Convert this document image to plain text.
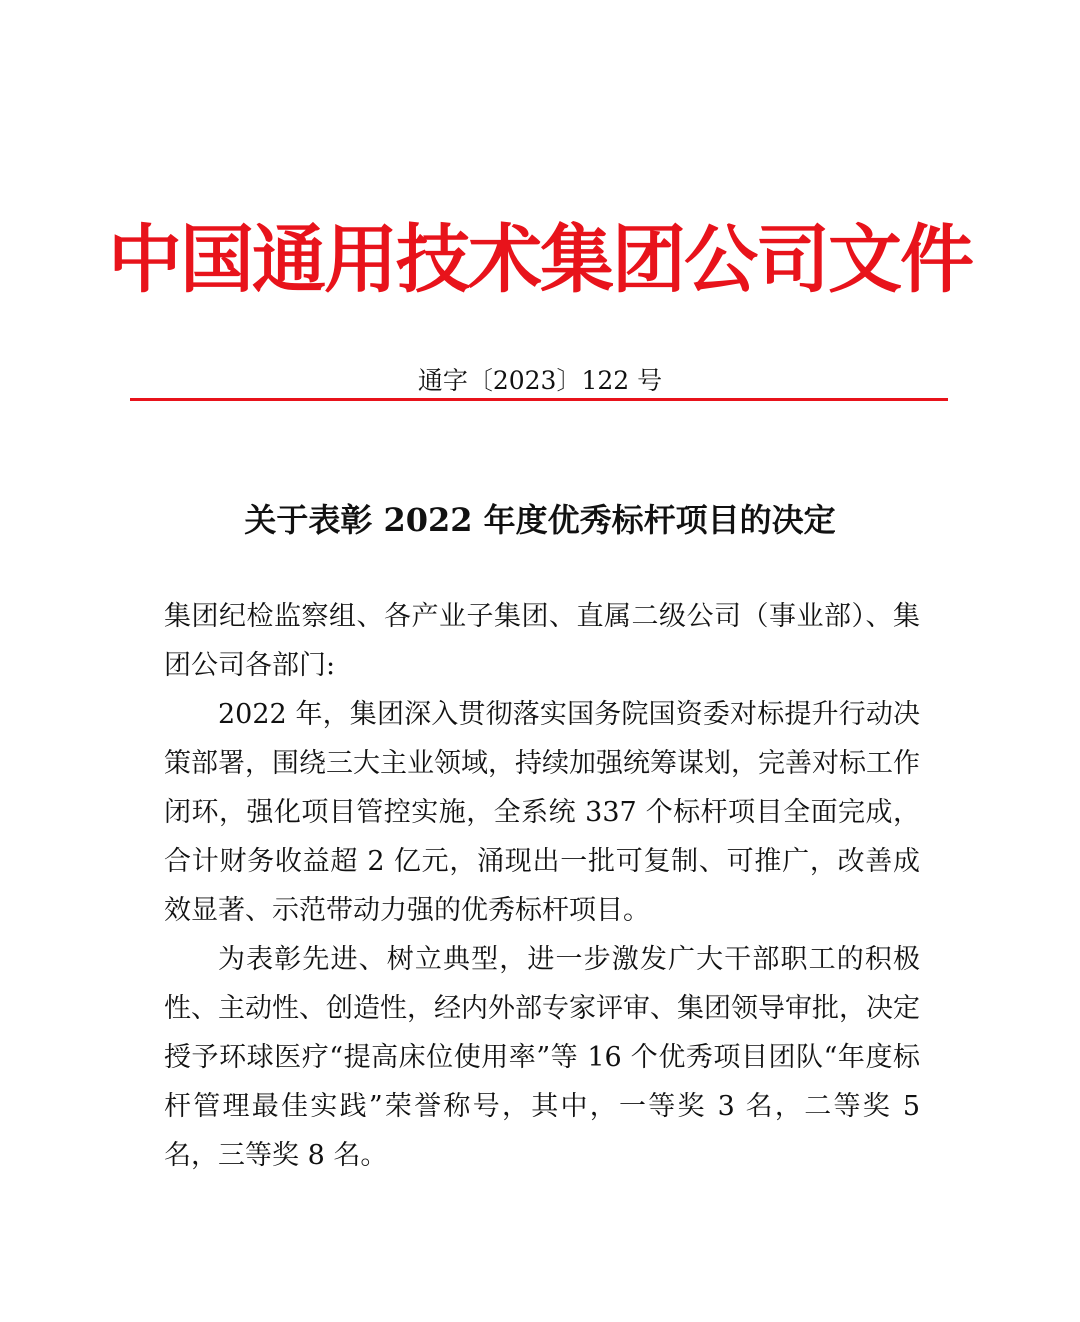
中国通用技术集团公司文件
通字〔2023〕122 号
关于表彰 2022 年度优秀标杆项目的决定

集团纪检监察组、各产业子集团、直属二级公司（事业部）、集团公司各部门:

2022 年，集团深入贯彻落实国务院国资委对标提升行动决策部署，围绕三大主业领域，持续加强统筹谋划，完善对标工作闭环，强化项目管控实施，全系统 337 个标杆项目全面完成，合计财务收益超 2 亿元，涌现出一批可复制、可推广，改善成效显著、示范带动力强的优秀标杆项目。

为表彰先进、树立典型，进一步激发广大干部职工的积极性、主动性、创造性，经内外部专家评审、集团领导审批，决定授予环球医疗“提高床位使用率”等 16 个优秀项目团队“年度标杆管理最佳实践”荣誉称号，其中，一等奖 3 名，二等奖 5 名，三等奖 8 名。
